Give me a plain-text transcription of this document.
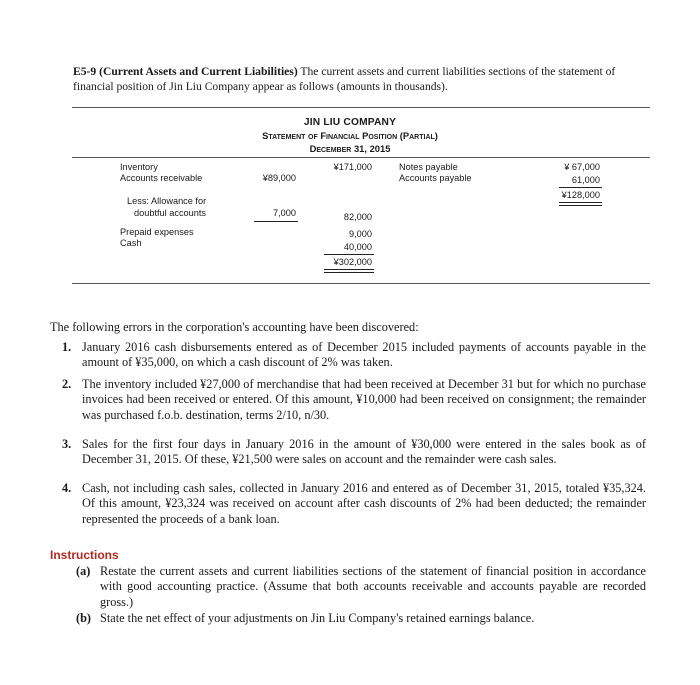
E5-9 (Current Assets and Current Liabilities) The current assets and current liabilities sections of the statement of financial position of Jin Liu Company appear as follows (amounts in thousands).
JIN LIU COMPANY
Statement of Financial Position (Partial)
December 31, 2015
Inventory	¥171,000
Accounts receivable	¥89,000
Less: Allowance for
doubtful accounts	7,000	82,000
Prepaid expenses	9,000
Cash	40,000
¥302,000
Notes payable	¥ 67,000
Accounts payable	61,000
¥128,000
The following errors in the corporation's accounting have been discovered:
1. January 2016 cash disbursements entered as of December 2015 included payments of accounts payable in the amount of ¥35,000, on which a cash discount of 2% was taken.
2. The inventory included ¥27,000 of merchandise that had been received at December 31 but for which no purchase invoices had been received or entered. Of this amount, ¥10,000 had been received on consignment; the remainder was purchased f.o.b. destination, terms 2/10, n/30.
3. Sales for the first four days in January 2016 in the amount of ¥30,000 were entered in the sales book as of December 31, 2015. Of these, ¥21,500 were sales on account and the remainder were cash sales.
4. Cash, not including cash sales, collected in January 2016 and entered as of December 31, 2015, totaled ¥35,324. Of this amount, ¥23,324 was received on account after cash discounts of 2% had been deducted; the remainder represented the proceeds of a bank loan.
Instructions
(a) Restate the current assets and current liabilities sections of the statement of financial position in accordance with good accounting practice. (Assume that both accounts receivable and accounts payable are recorded gross.)
(b) State the net effect of your adjustments on Jin Liu Company's retained earnings balance.
